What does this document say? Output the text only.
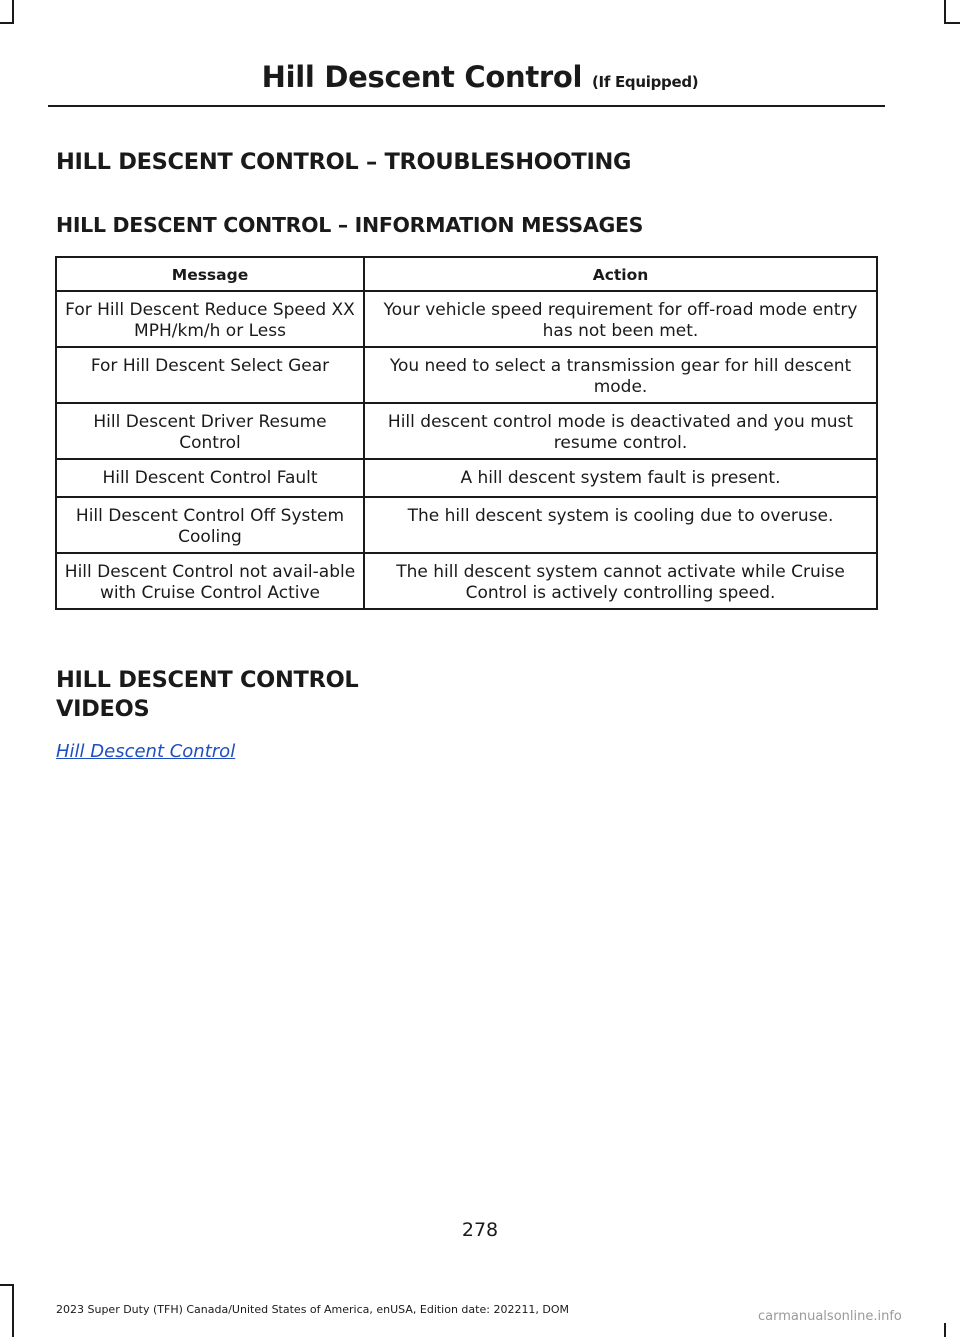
Hill Descent Control (If Equipped)
HILL DESCENT CONTROL – TROUBLESHOOTING
HILL DESCENT CONTROL – INFORMATION MESSAGES
Message	Action
For Hill Descent Reduce Speed XX MPH/km/h or Less	Your vehicle speed requirement for off-road mode entry has not been met.
For Hill Descent Select Gear	You need to select a transmission gear for hill descent mode.
Hill Descent Driver Resume Control	Hill descent control mode is deactivated and you must resume control.
Hill Descent Control Fault	A hill descent system fault is present.
Hill Descent Control Off System Cooling	The hill descent system is cooling due to overuse.
Hill Descent Control not avail-able with Cruise Control Active	The hill descent system cannot activate while Cruise Control is actively controlling speed.
HILL DESCENT CONTROL
VIDEOS
Hill Descent Control
278
2023 Super Duty (TFH) Canada/United States of America, enUSA, Edition date: 202211, DOM	carmanualsonline.info
